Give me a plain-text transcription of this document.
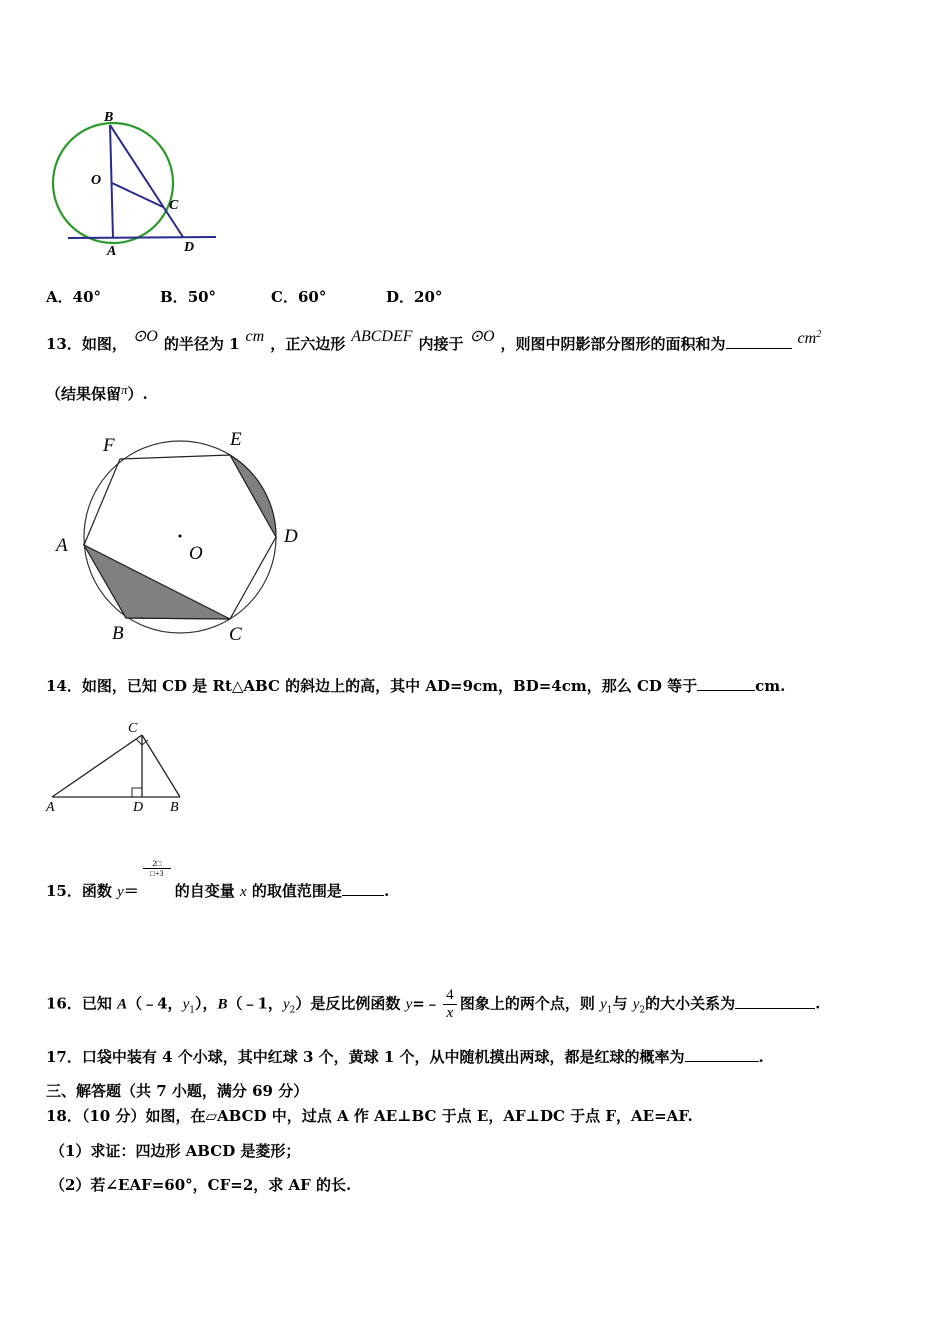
B
O
C
A	D
A．40°	B．50°	C．60°	D．20°
13．如图， ⊙O 的半径为 1 cm ，正六边形 ABCDEF 内接于 ⊙O ，则图中阴影部分图形的面积和为	$cm^2$
（结果保留π）.
F	E
A	D
O
B	C
14．如图，已知 CD 是 Rt△ABC 的斜边上的高，其中 AD=9cm，BD=4cm，那么 CD 等于	cm.
C
A	D B
15．函数 y＝
$\frac{2□}{□+3}$
的自变量 x 的取值范围是	.
16．已知 A（﹣4，$y_1$），B（﹣1，$y_2$）是反比例函数 y=﹣ $\frac{4}{x}$ 图象上的两个点，则 $y_1$与 $y_2$的大小关系为	.
17．口袋中装有 4 个小球，其中红球 3 个，黄球 1 个，从中随机摸出两球，都是红球的概率为	.
三、解答题（共 7 小题，满分 69 分）
18．（10 分）如图，在▱ABCD 中，过点 A 作 AE⊥BC 于点 E，AF⊥DC 于点 F，AE=AF.
（1）求证：四边形 ABCD 是菱形；
（2）若∠EAF=60°，CF=2，求 AF 的长.
